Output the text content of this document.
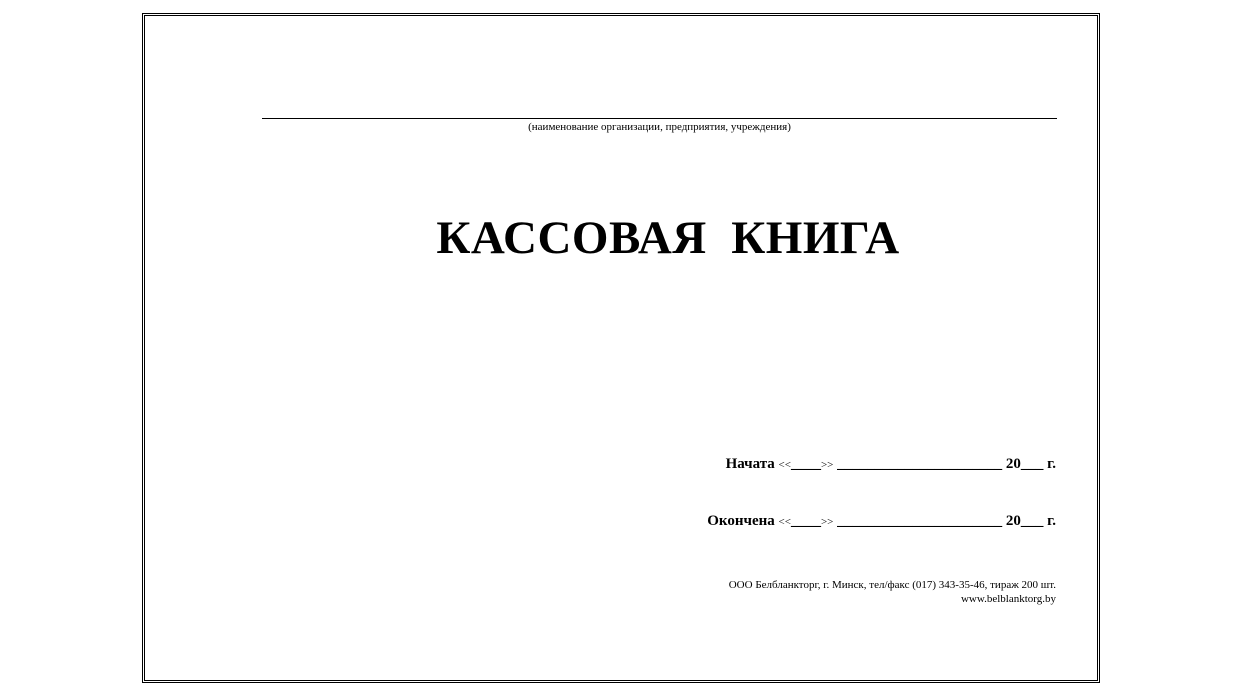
(наименование организации, предприятия, учреждения)
КАССОВАЯ  КНИГА
Начата <<____>> ______________________ 20___ г.
Окончена <<____>> ______________________ 20___ г.
ООО Белбланкторг, г. Минск, тел/факс (017) 343-35-46, тираж 200 шт.
www.belblanktorg.by
